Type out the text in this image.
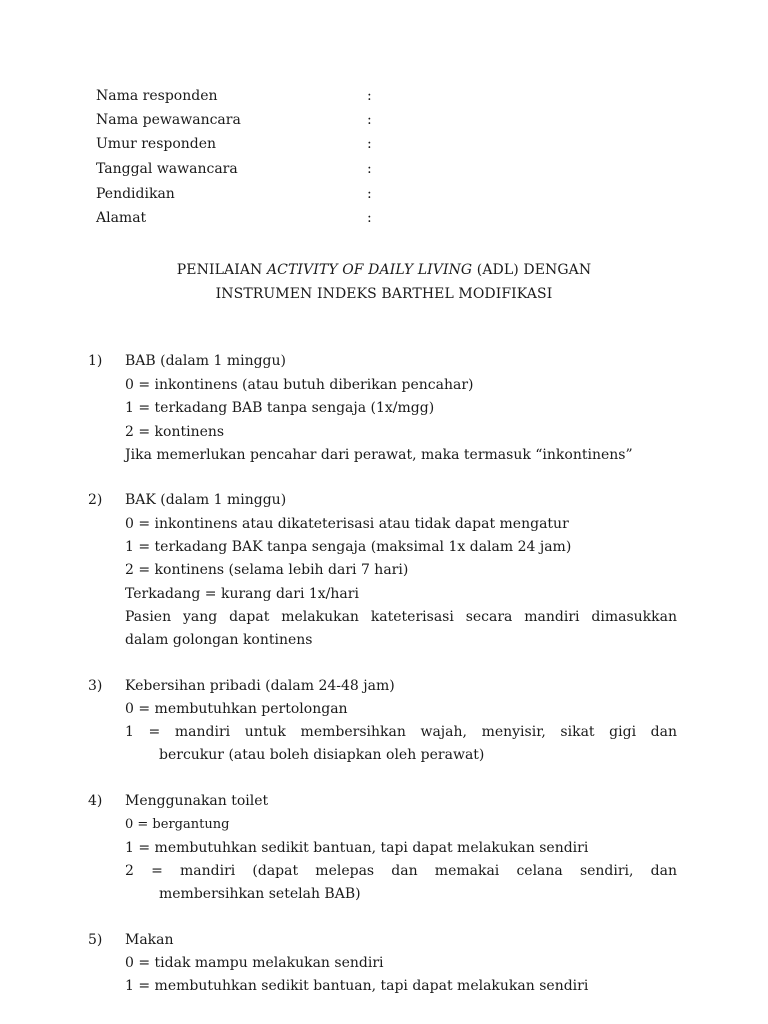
Nama responden	:
Nama pewawancara	:
Umur responden	:
Tanggal wawancara	:
Pendidikan	:
Alamat	:
PENILAIAN ACTIVITY OF DAILY LIVING (ADL) DENGAN
INSTRUMEN INDEKS BARTHEL MODIFIKASI
1) BAB (dalam 1 minggu)
0 = inkontinens (atau butuh diberikan pencahar)
1 = terkadang BAB tanpa sengaja (1x/mgg)
2 = kontinens
Jika memerlukan pencahar dari perawat, maka termasuk “inkontinens”
2) BAK (dalam 1 minggu)
0 = inkontinens atau dikateterisasi atau tidak dapat mengatur
1 = terkadang BAK tanpa sengaja (maksimal 1x dalam 24 jam)
2 = kontinens (selama lebih dari 7 hari)
Terkadang = kurang dari 1x/hari
Pasien yang dapat melakukan kateterisasi secara mandiri dimasukkan
dalam golongan kontinens
3) Kebersihan pribadi (dalam 24-48 jam)
0 = membutuhkan pertolongan
1 = mandiri untuk membersihkan wajah, menyisir, sikat gigi dan
bercukur (atau boleh disiapkan oleh perawat)
4) Menggunakan toilet
0 = bergantung
1 = membutuhkan sedikit bantuan, tapi dapat melakukan sendiri
2 = mandiri (dapat melepas dan memakai celana sendiri, dan
membersihkan setelah BAB)
5) Makan
0 = tidak mampu melakukan sendiri
1 = membutuhkan sedikit bantuan, tapi dapat melakukan sendiri
